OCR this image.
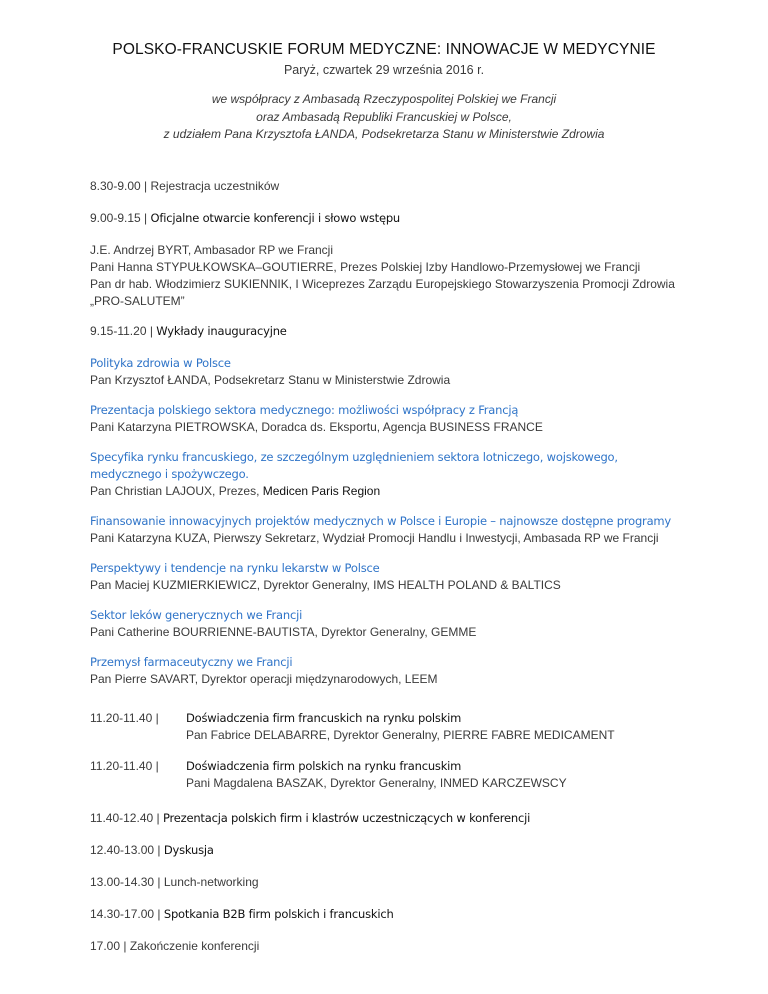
POLSKO-FRANCUSKIE FORUM MEDYCZNE: INNOWACJE W MEDYCYNIE
Paryż, czwartek 29 września 2016 r.
we współpracy z Ambasadą Rzeczypospolitej Polskiej we Francji
oraz Ambasadą Republiki Francuskiej w Polsce,
z udziałem Pana Krzysztofa ŁANDA, Podsekretarza Stanu w Ministerstwie Zdrowia
8.30-9.00 | Rejestracja uczestników
9.00-9.15 | Oficjalne otwarcie konferencji i słowo wstępu
J.E. Andrzej BYRT, Ambasador RP we Francji
Pani Hanna STYPUŁKOWSKA–GOUTIERRE, Prezes Polskiej Izby Handlowo-Przemysłowej we Francji
Pan dr hab. Włodzimierz SUKIENNIK, I Wiceprezes Zarządu Europejskiego Stowarzyszenia Promocji Zdrowia „PRO-SALUTEM”
9.15-11.20 | Wykłady inauguracyjne
Polityka zdrowia w Polsce
Pan Krzysztof ŁANDA, Podsekretarz Stanu w Ministerstwie Zdrowia
Prezentacja polskiego sektora medycznego: możliwości współpracy z Francją
Pani Katarzyna PIETROWSKA, Doradca ds. Eksportu, Agencja BUSINESS FRANCE
Specyfika rynku francuskiego, ze szczególnym uzględnieniem sektora lotniczego, wojskowego, medycznego i spożywczego.
Pan Christian LAJOUX, Prezes, Medicen Paris Region
Finansowanie innowacyjnych projektów medycznych w Polsce i Europie – najnowsze dostępne programy
Pani Katarzyna KUZA, Pierwszy Sekretarz, Wydział Promocji Handlu i Inwestycji, Ambasada RP we Francji
Perspektywy i tendencje na rynku lekarstw w Polsce
Pan Maciej KUZMIERKIEWICZ, Dyrektor Generalny, IMS HEALTH POLAND & BALTICS
Sektor leków generycznych we Francji
Pani Catherine BOURRIENNE-BAUTISTA, Dyrektor Generalny, GEMME
Przemysł farmaceutyczny we Francji
Pan Pierre SAVART, Dyrektor operacji międzynarodowych, LEEM
11.20-11.40 |	Doświadczenia firm francuskich na rynku polskim
Pan Fabrice DELABARRE, Dyrektor Generalny, PIERRE FABRE MEDICAMENT
11.20-11.40 |	Doświadczenia firm polskich na rynku francuskim
Pani Magdalena BASZAK, Dyrektor Generalny, INMED KARCZEWSCY
11.40-12.40 | Prezentacja polskich firm i klastrów uczestniczących w konferencji
12.40-13.00 | Dyskusja
13.00-14.30 | Lunch-networking
14.30-17.00 | Spotkania B2B firm polskich i francuskich
17.00 | Zakończenie konferencji
